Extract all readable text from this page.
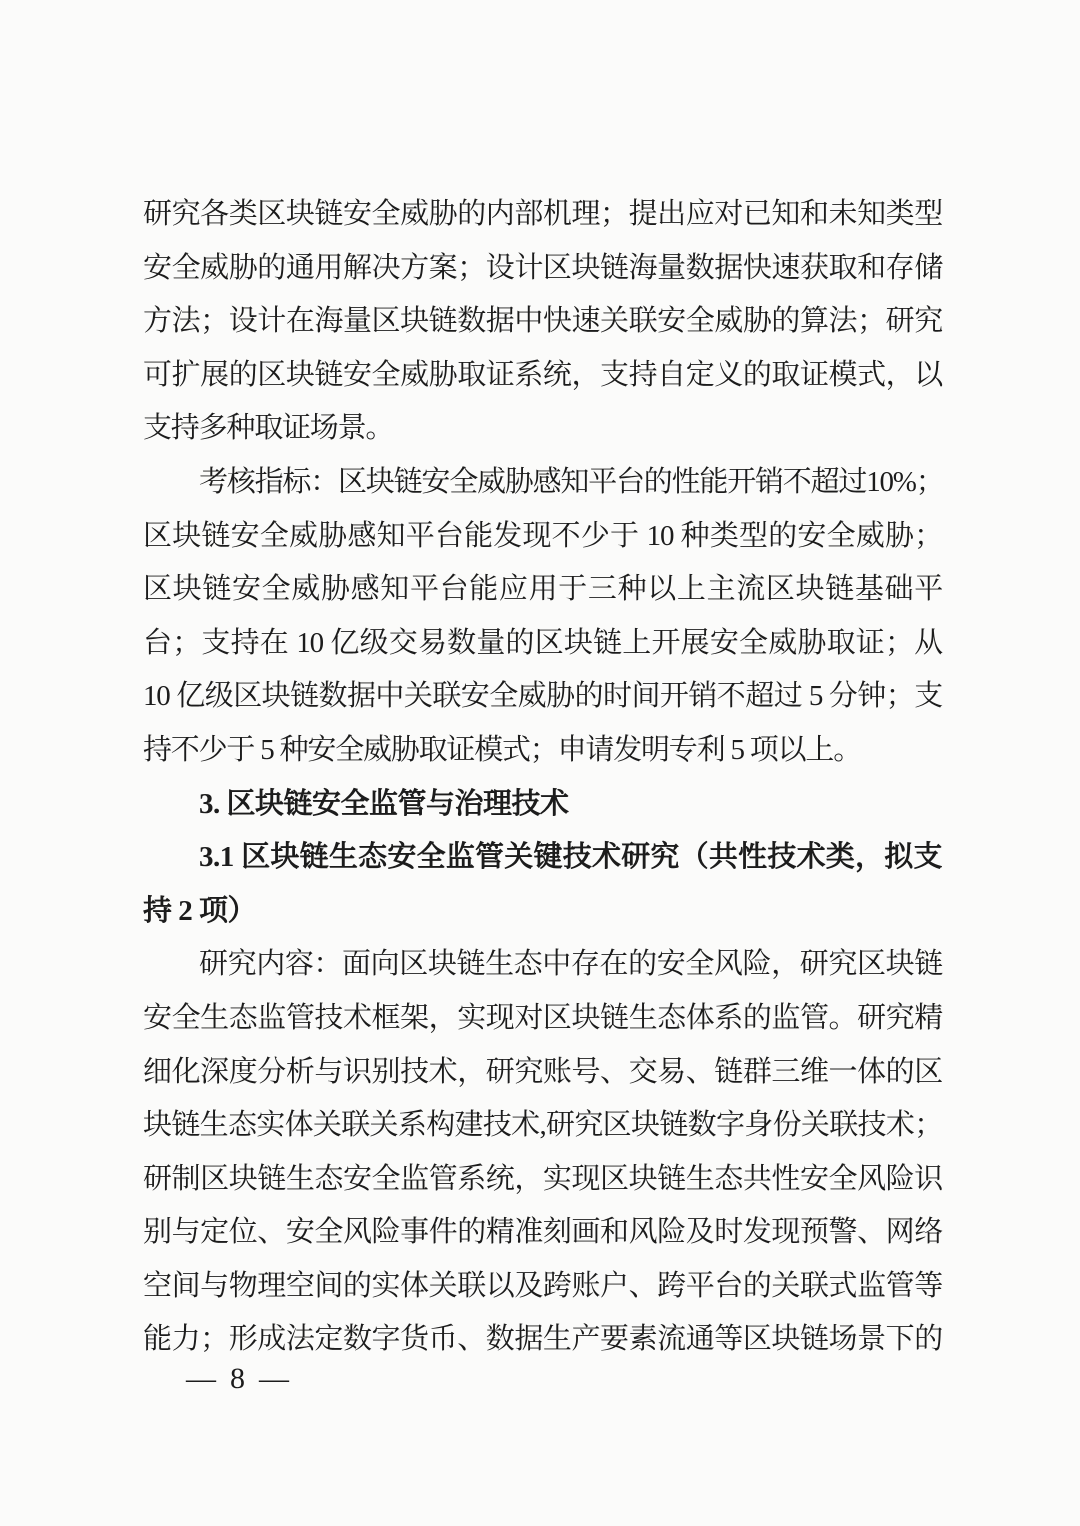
研究各类区块链安全威胁的内部机理；提出应对已知和未知类型
安全威胁的通用解决方案；设计区块链海量数据快速获取和存储
方法；设计在海量区块链数据中快速关联安全威胁的算法；研究
可扩展的区块链安全威胁取证系统，支持自定义的取证模式，以
支持多种取证场景。
考核指标：区块链安全威胁感知平台的性能开销不超过10%；
区块链安全威胁感知平台能发现不少于 10 种类型的安全威胁；
区块链安全威胁感知平台能应用于三种以上主流区块链基础平
台；支持在 10 亿级交易数量的区块链上开展安全威胁取证；从
10 亿级区块链数据中关联安全威胁的时间开销不超过 5 分钟；支
持不少于 5 种安全威胁取证模式；申请发明专利 5 项以上。
3. 区块链安全监管与治理技术
3.1 区块链生态安全监管关键技术研究（共性技术类，拟支
持 2 项）
研究内容：面向区块链生态中存在的安全风险，研究区块链
安全生态监管技术框架，实现对区块链生态体系的监管。研究精
细化深度分析与识别技术，研究账号、交易、链群三维一体的区
块链生态实体关联关系构建技术,研究区块链数字身份关联技术；
研制区块链生态安全监管系统，实现区块链生态共性安全风险识
别与定位、安全风险事件的精准刻画和风险及时发现预警、网络
空间与物理空间的实体关联以及跨账户、跨平台的关联式监管等
能力；形成法定数字货币、数据生产要素流通等区块链场景下的
— 8 —
